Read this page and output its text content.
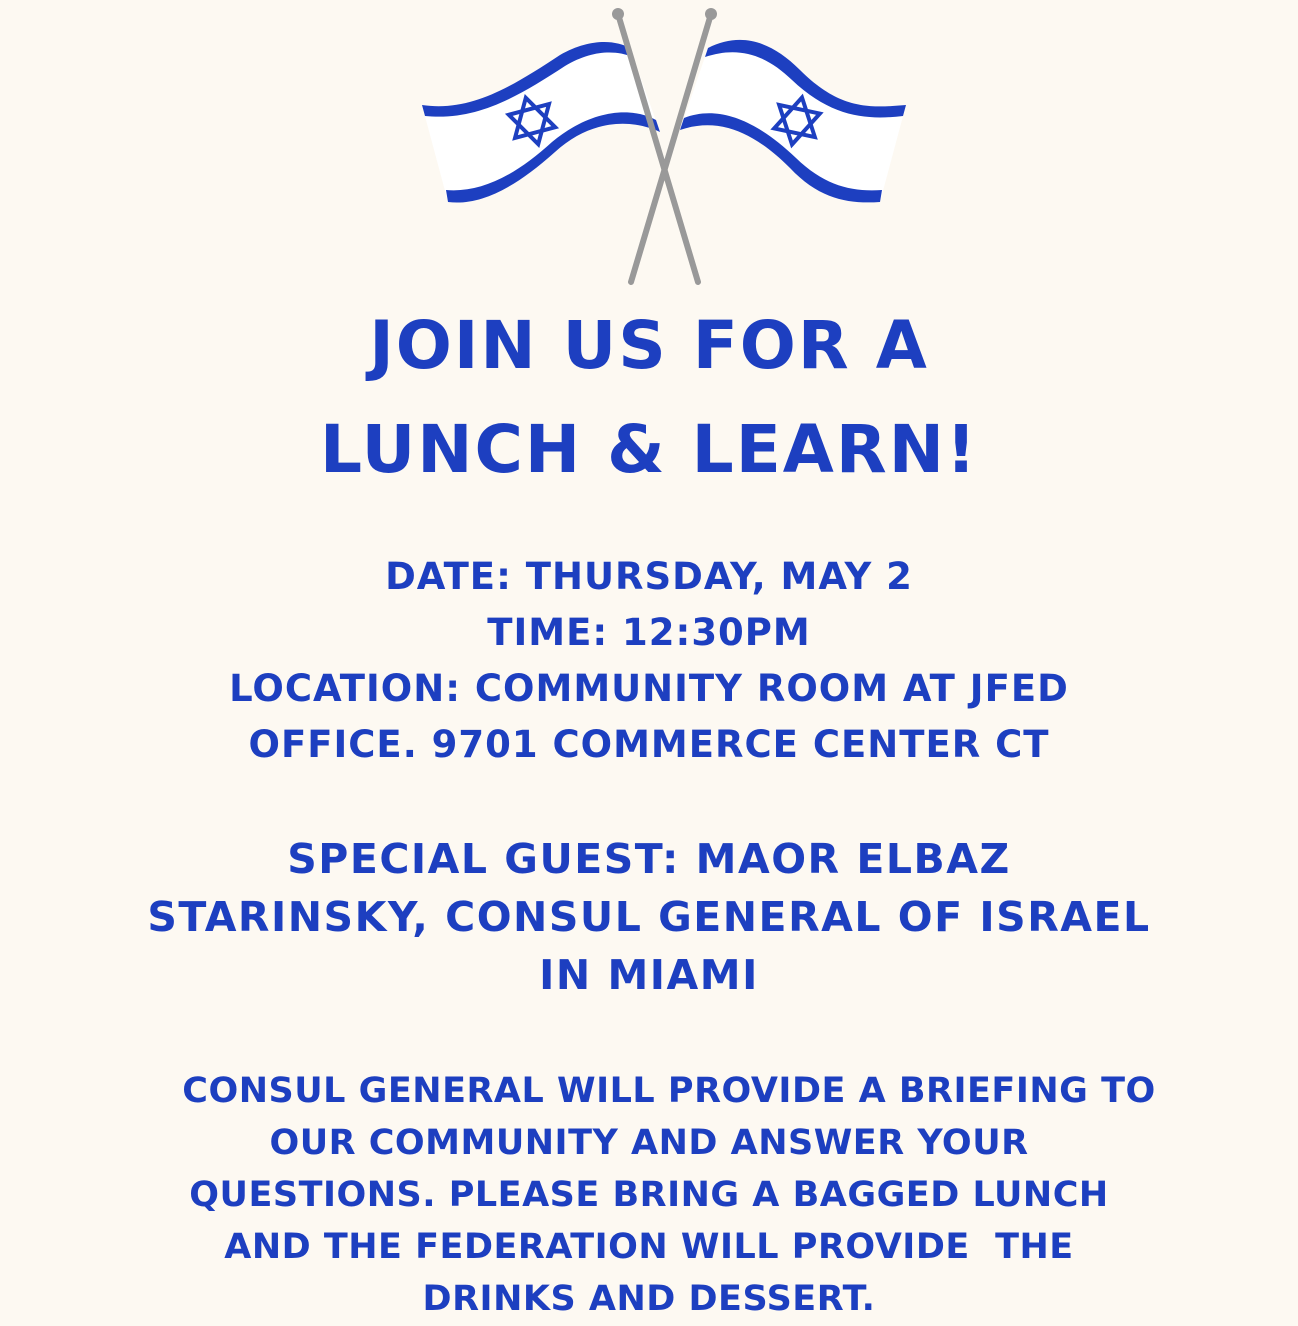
JOIN US FOR A
LUNCH & LEARN!
DATE: THURSDAY, MAY 2
TIME: 12:30PM
LOCATION: COMMUNITY ROOM AT JFED
OFFICE. 9701 COMMERCE CENTER CT
SPECIAL GUEST: MAOR ELBAZ
STARINSKY, CONSUL GENERAL OF ISRAEL
IN MIAMI
CONSUL GENERAL WILL PROVIDE A BRIEFING TO
OUR COMMUNITY AND ANSWER YOUR
QUESTIONS. PLEASE BRING A BAGGED LUNCH
AND THE FEDERATION WILL PROVIDE  THE
DRINKS AND DESSERT.
